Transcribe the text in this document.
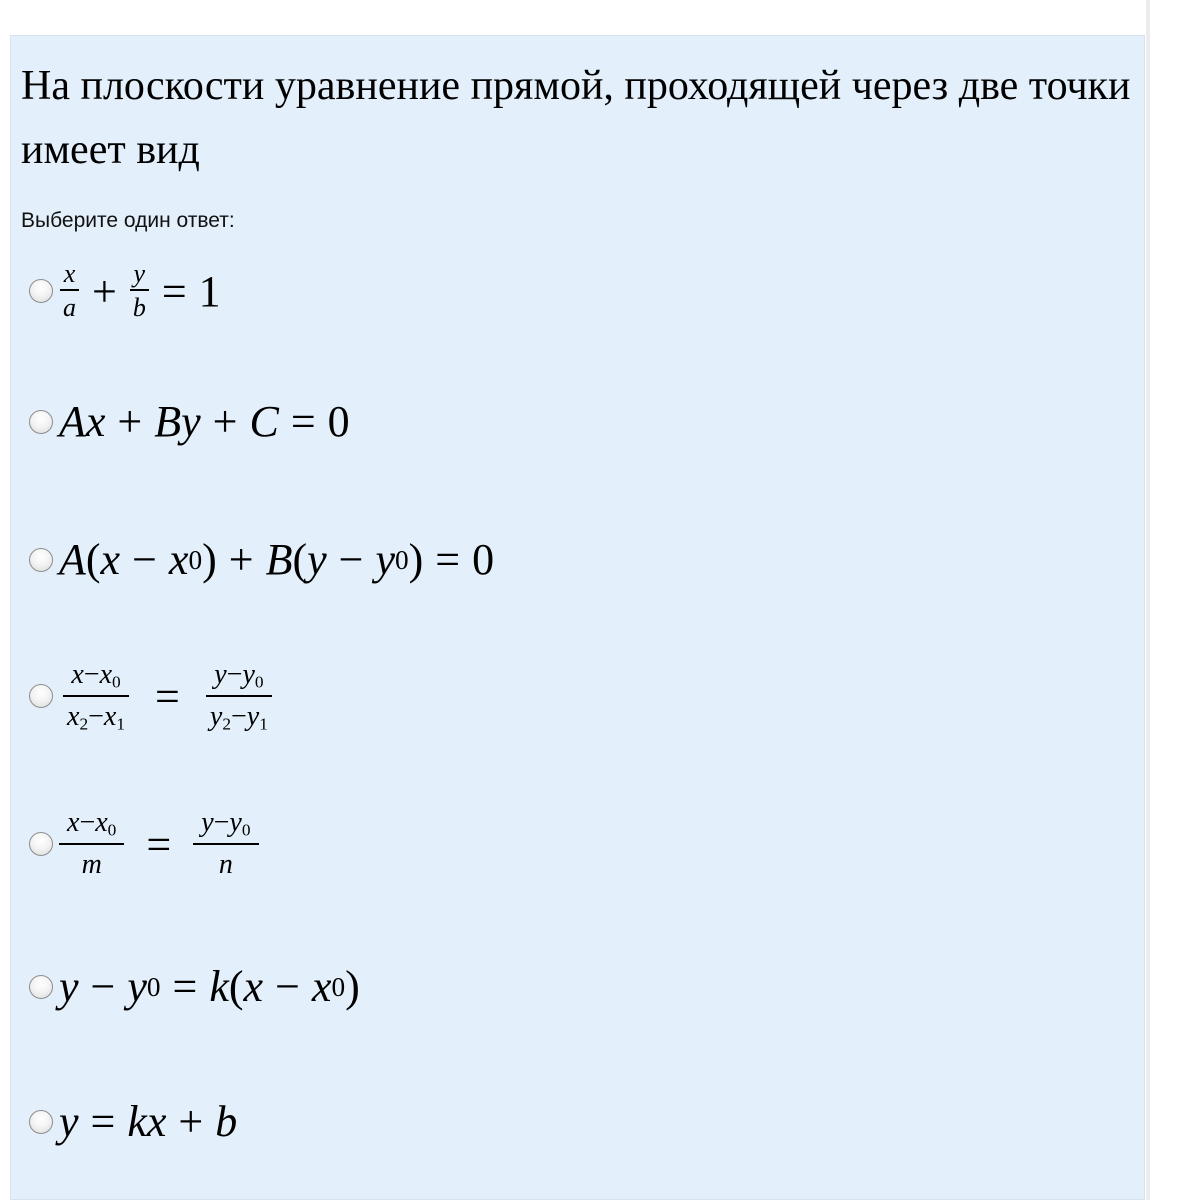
На плоскости уравнение прямой, проходящей через две точки имеет вид
Выберите один ответ:
$\frac{x}{a} + \frac{y}{b} = 1$
Ax + By + C = 0
A ( x − x 0 ) + B ( y − y 0 ) = 0
$\frac{x-x_0}{x_2-x_1} = \frac{y-y_0}{y_2-y_1}$
$\frac{x-x_0}{m} = \frac{y-y_0}{n}$
y − y 0 = k ( x − x 0 )
y = kx + b
